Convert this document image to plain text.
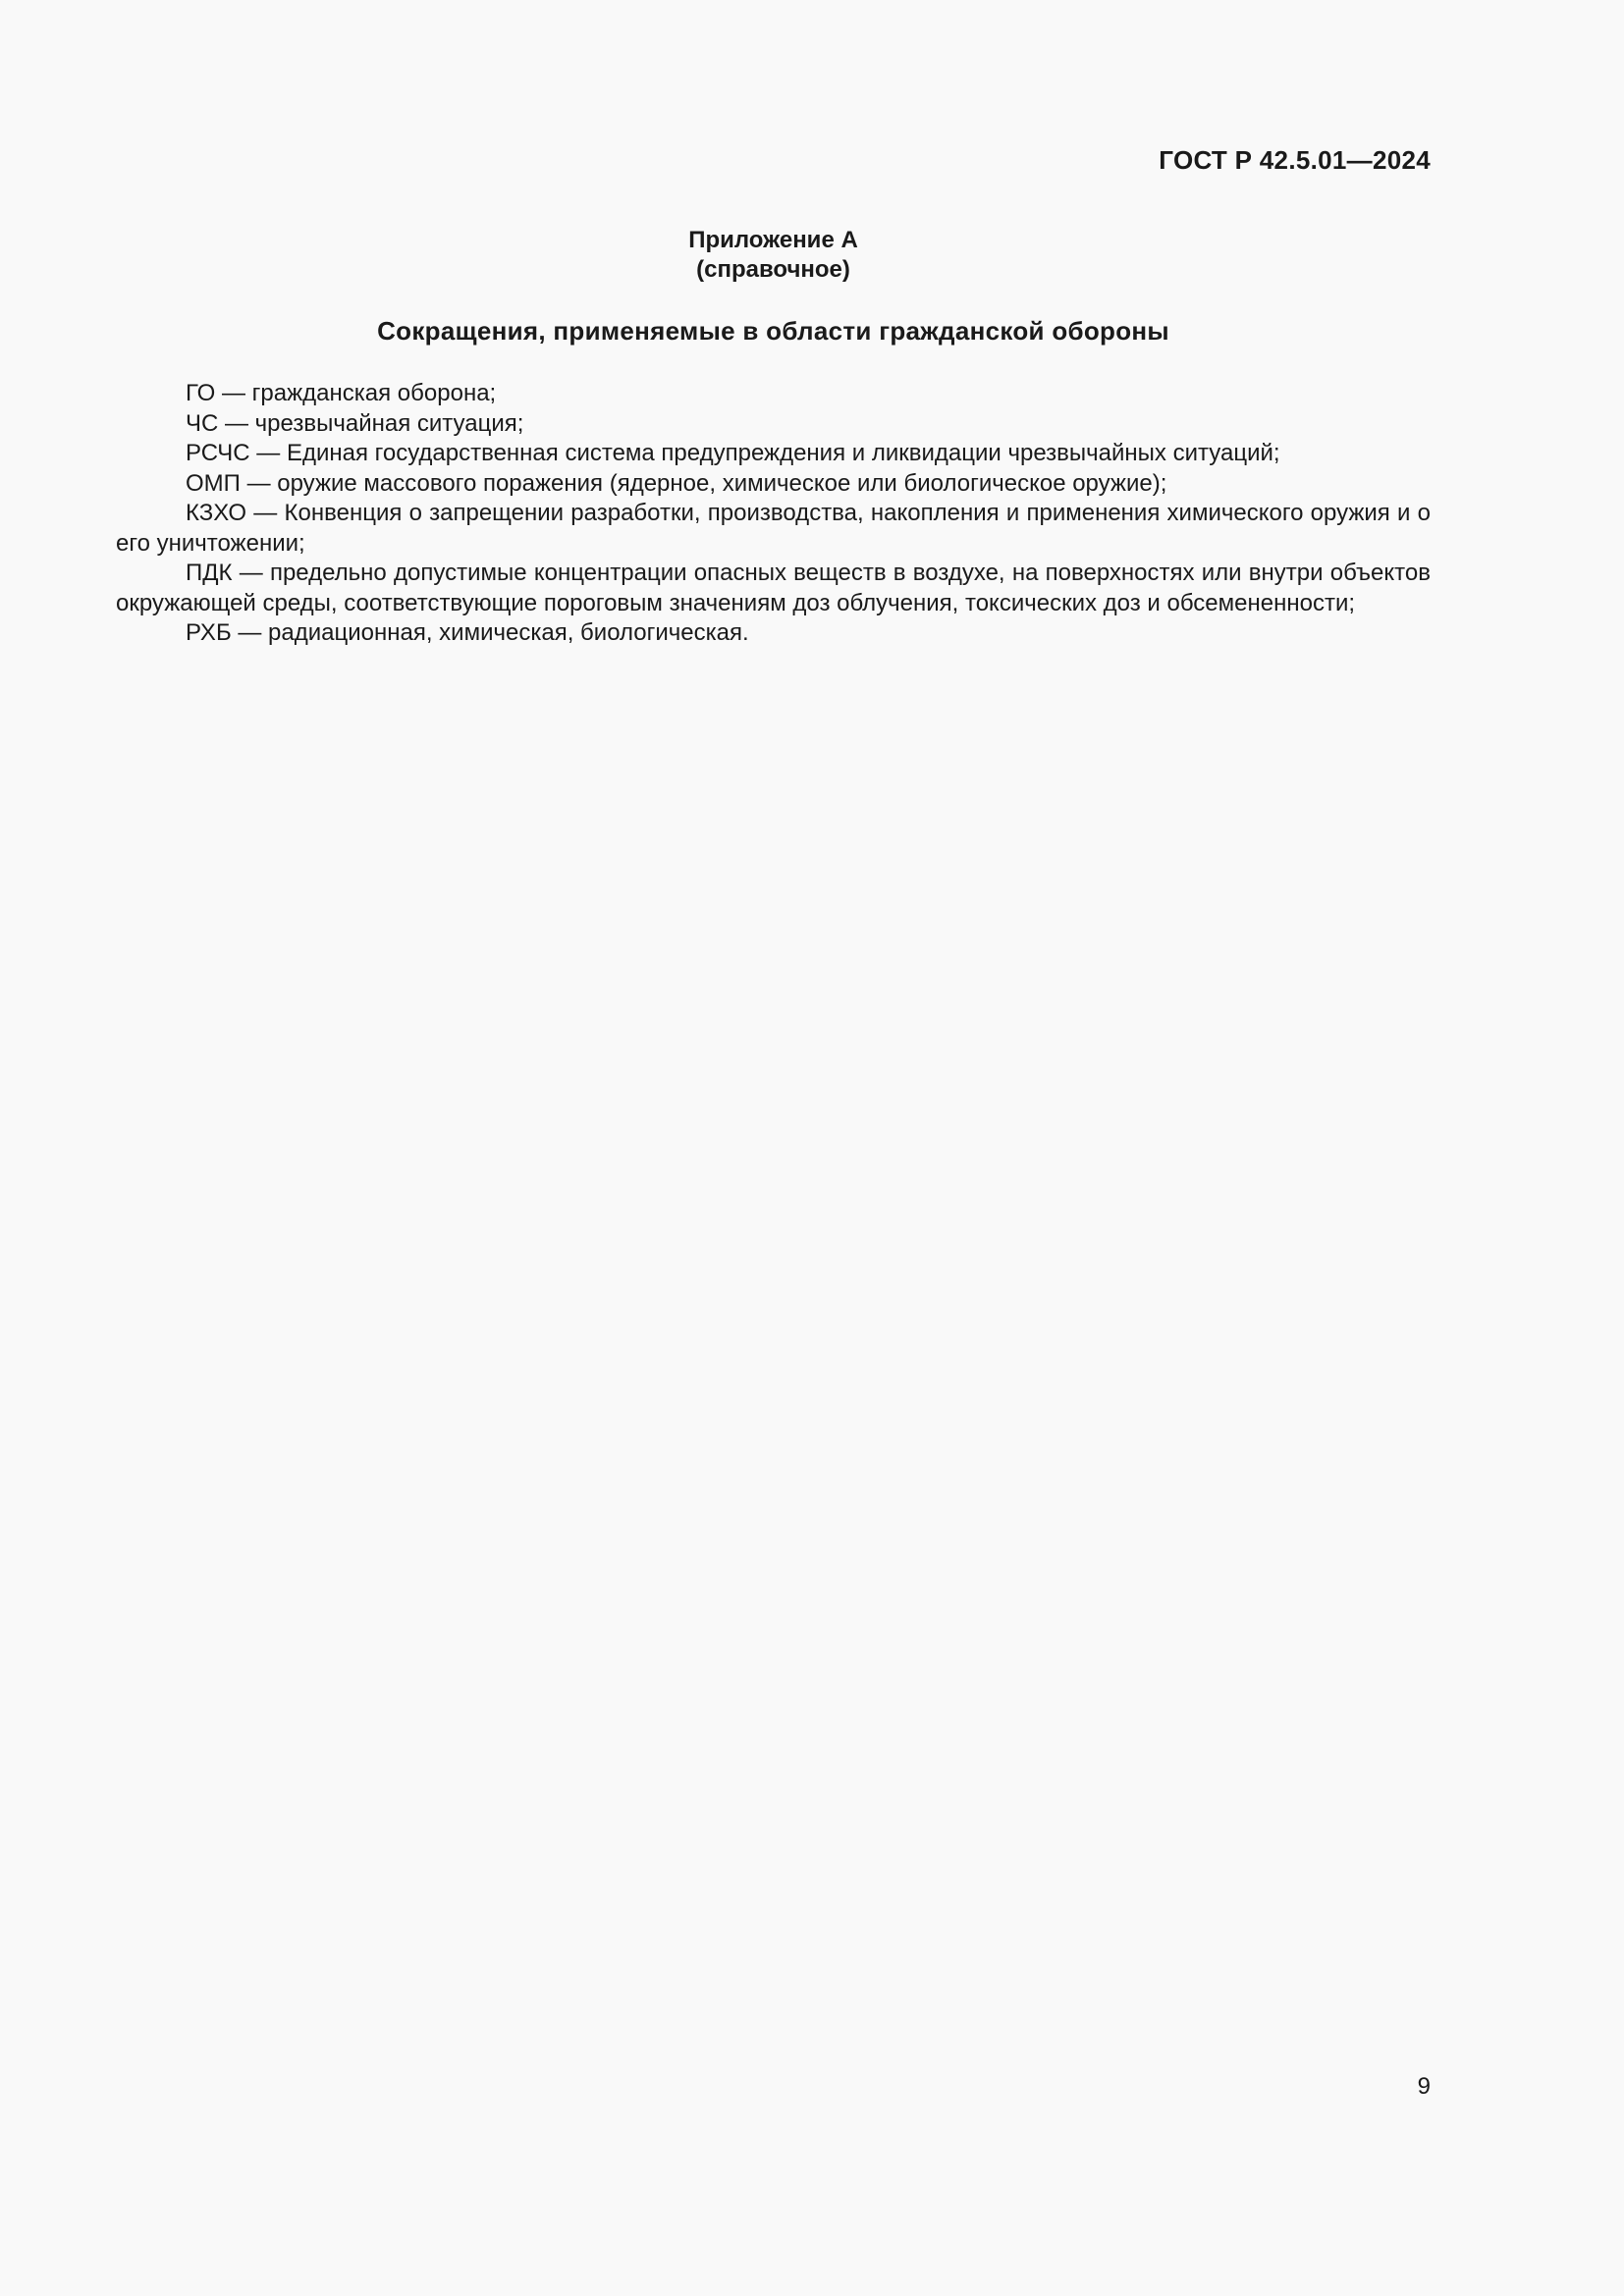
ГОСТ Р 42.5.01—2024
Приложение А
(справочное)
Сокращения, применяемые в области гражданской обороны

ГО — гражданская оборона;

ЧС — чрезвычайная ситуация;

РСЧС — Единая государственная система предупреждения и ликвидации чрезвычайных ситуаций;

ОМП — оружие массового поражения (ядерное, химическое или биологическое оружие);

КЗХО — Конвенция о запрещении разработки, производства, накопления и применения химического оружия и о его уничтожении;

ПДК — предельно допустимые концентрации опасных веществ в воздухе, на поверхностях или внутри объектов окружающей среды, соответствующие пороговым значениям доз облучения, токсических доз и обсемененности;

РХБ — радиационная, химическая, биологическая.

9
